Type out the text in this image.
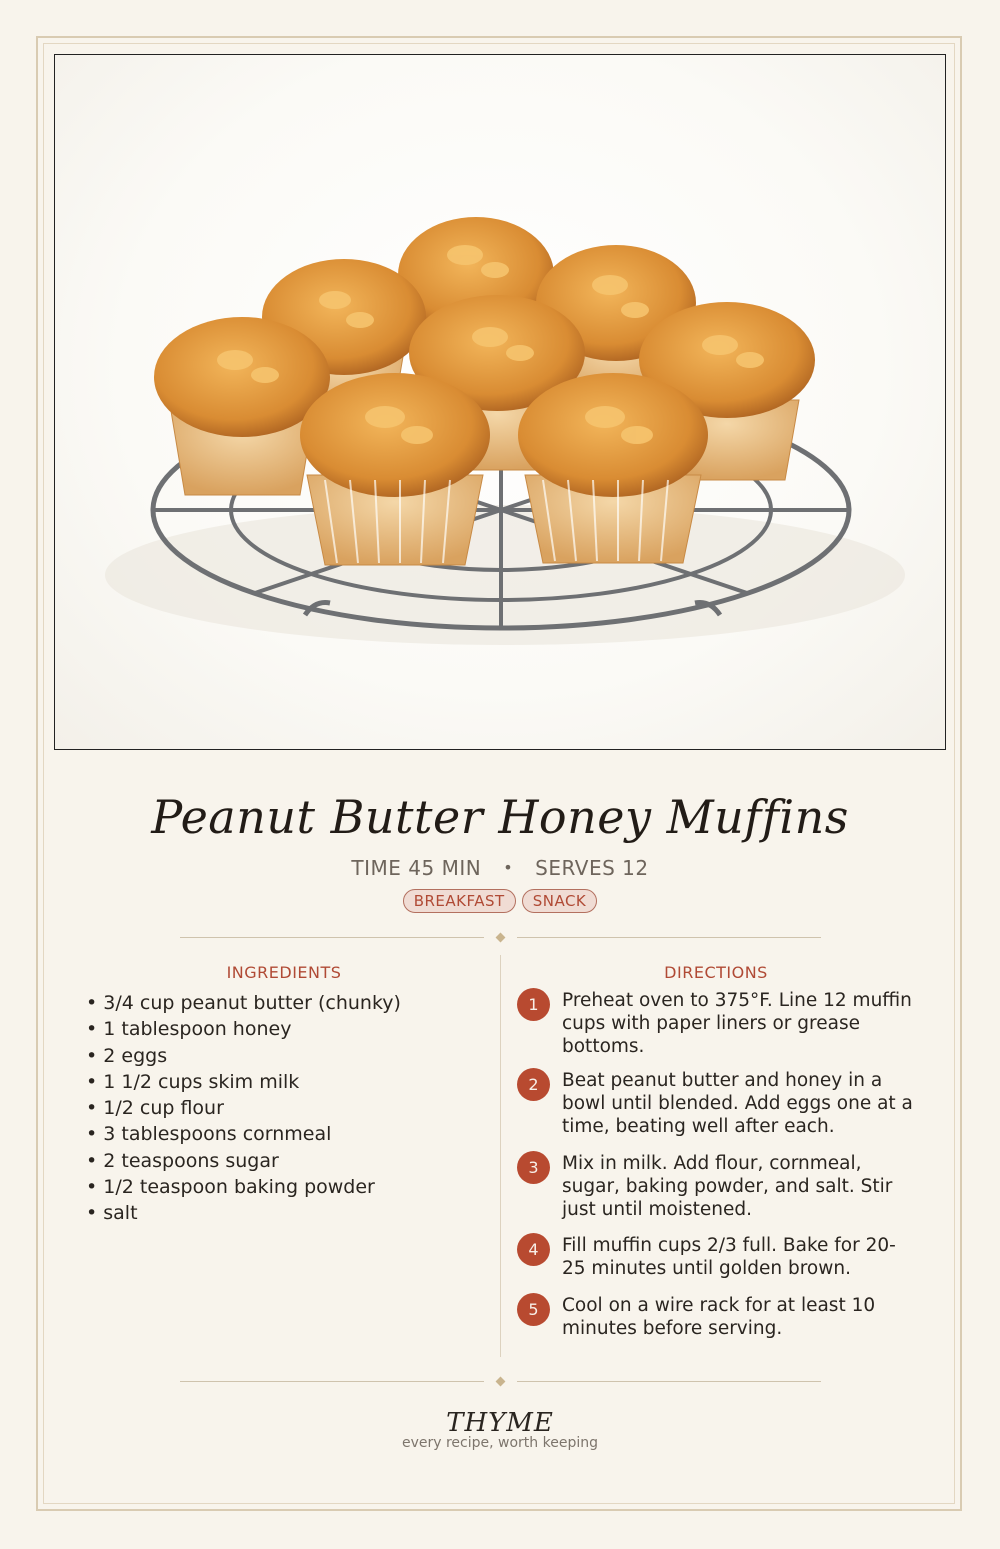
Peanut Butter Honey Muffins
TIME 45 MIN • SERVES 12
BREAKFAST SNACK
INGREDIENTS	DIRECTIONS
• 3/4 cup peanut butter (chunky)
• 1 tablespoon honey
• 2 eggs
• 1 1/2 cups skim milk
• 1/2 cup flour
• 3 tablespoons cornmeal
• 2 teaspoons sugar
• 1/2 teaspoon baking powder
• salt
1	Preheat oven to 375°F. Line 12 muffin cups with paper liners or grease bottoms.
2	Beat peanut butter and honey in a bowl until blended. Add eggs one at a time, beating well after each.
3	Mix in milk. Add flour, cornmeal, sugar, baking powder, and salt. Stir just until moistened.
4	Fill muffin cups 2/3 full. Bake for 20-25 minutes until golden brown.
5	Cool on a wire rack for at least 10 minutes before serving.
THYME
every recipe, worth keeping
